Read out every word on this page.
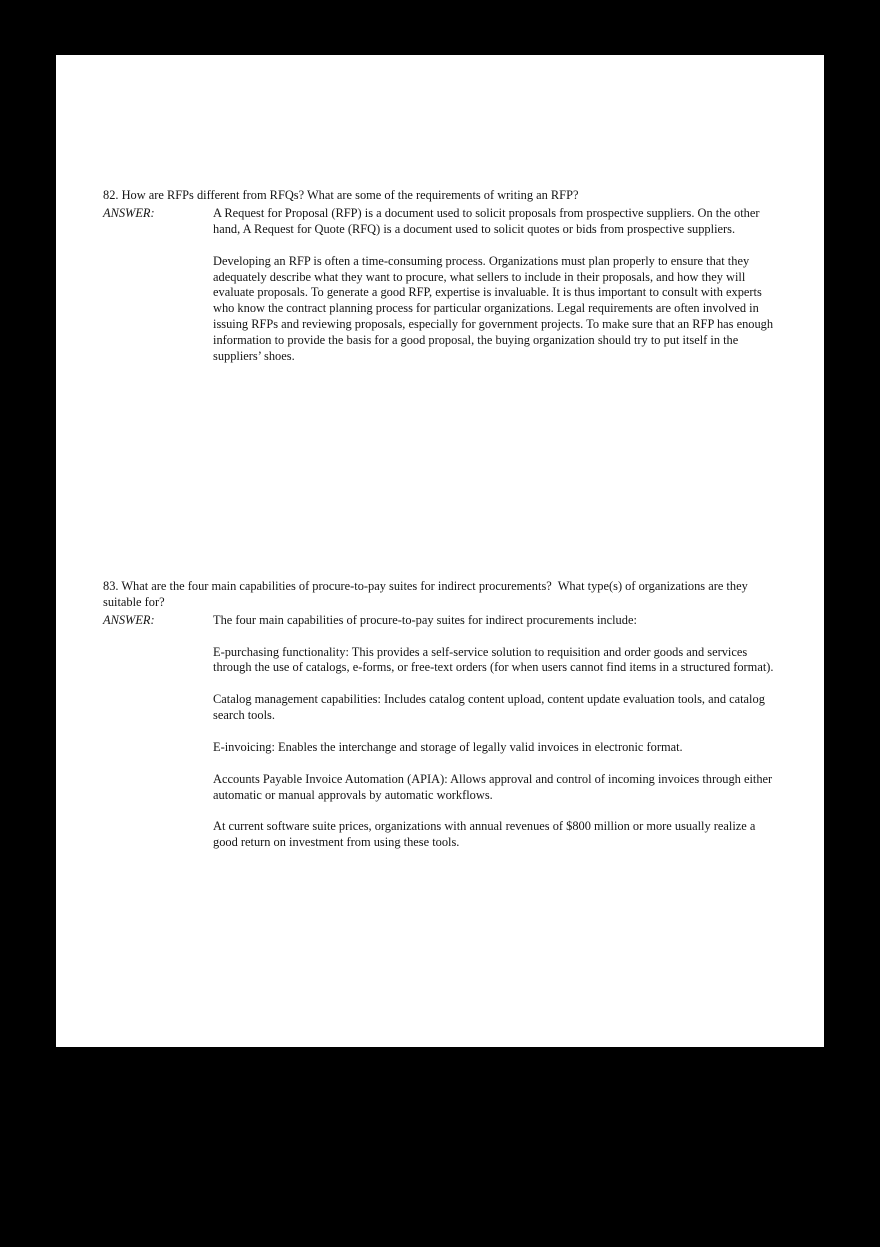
82. How are RFPs different from RFQs? What are some of the requirements of writing an RFP?

ANSWER:	A Request for Proposal (RFP) is a document used to solicit proposals from prospective suppliers. On the other hand, A Request for Quote (RFQ) is a document used to solicit quotes or bids from prospective suppliers.

Developing an RFP is often a time-consuming process. Organizations must plan properly to ensure that they adequately describe what they want to procure, what sellers to include in their proposals, and how they will evaluate proposals. To generate a good RFP, expertise is invaluable. It is thus important to consult with experts who know the contract planning process for particular organizations. Legal requirements are often involved in issuing RFPs and reviewing proposals, especially for government projects. To make sure that an RFP has enough information to provide the basis for a good proposal, the buying organization should try to put itself in the suppliers’ shoes.

83. What are the four main capabilities of procure-to-pay suites for indirect procurements?  What type(s) of organizations are they suitable for?

ANSWER:	The four main capabilities of procure-to-pay suites for indirect procurements include:

E-purchasing functionality: This provides a self-service solution to requisition and order goods and services through the use of catalogs, e-forms, or free-text orders (for when users cannot find items in a structured format).

Catalog management capabilities: Includes catalog content upload, content update evaluation tools, and catalog search tools.

E-invoicing: Enables the interchange and storage of legally valid invoices in electronic format.

Accounts Payable Invoice Automation (APIA): Allows approval and control of incoming invoices through either automatic or manual approvals by automatic workflows.

At current software suite prices, organizations with annual revenues of $800 million or more usually realize a good return on investment from using these tools.
